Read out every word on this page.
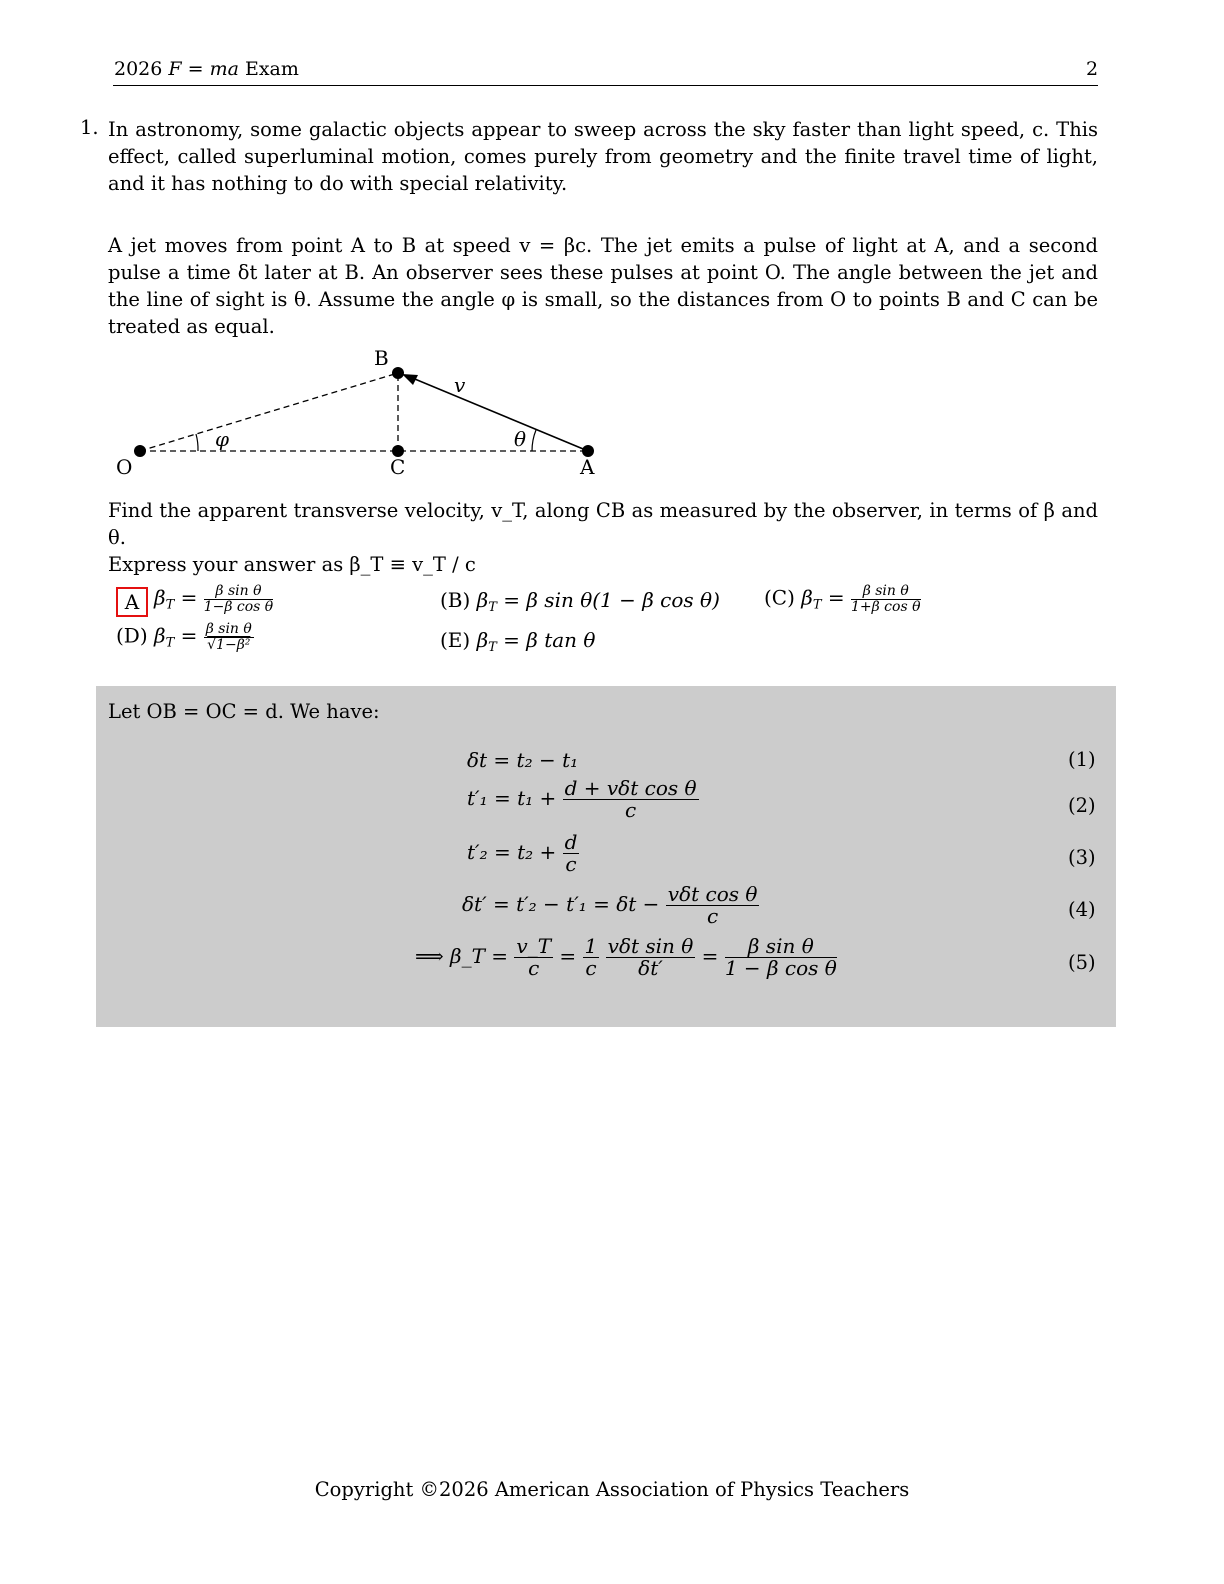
2026 F = ma Exam	2
1. In astronomy, some galactic objects appear to sweep across the sky faster than light speed, c. This effect, called superluminal motion, comes purely from geometry and the finite travel time of light, and it has nothing to do with special relativity.
A jet moves from point A to B at speed v = βc. The jet emits a pulse of light at A, and a second pulse a time δt later at B. An observer sees these pulses at point O. The angle between the jet and the line of sight is θ. Assume the angle φ is small, so the distances from O to points B and C can be treated as equal.
O
B
C	A
v
θ
φ
Find the apparent transverse velocity, v_T, along CB as measured by the observer, in terms of β and θ.
Express your answer as β_T ≡ v_T / c
A $\beta_T = \frac{\text{β sin θ}}{\text{1−β cos θ}}$	(B) $\beta_T = \beta$ sin θ(1 − β cos θ) (C) $\beta_T = \frac{\text{β sin θ}}{\text{1+β cos θ}}$
(D) $\beta_T = \frac{\text{β sin θ}}{\text{√1−β²}}$	(E) $\beta_T = \beta$ tan θ
Let OB = OC = d. We have:
δt = t₂ − t₁	(1)
$t'_1 = t_1 + \frac{\text{d + vδt cos θ}}{c}$	(2)
$t'_2 = t_2 + \frac{d}{c}$	(3)
$\delta t' = t'_2 - t'_1 = \delta t - \frac{\text{vδt cos θ}}{c}$	(4)
⟹ β_T = $\frac{v\_T}{c} = \frac{1}{c}$
$\frac{\text{vδt sin θ}}{\delta t'} = \frac{\text{β sin θ}}{\text{1 − β cos θ}}$	(5)
Copyright ©2026 American Association of Physics Teachers
